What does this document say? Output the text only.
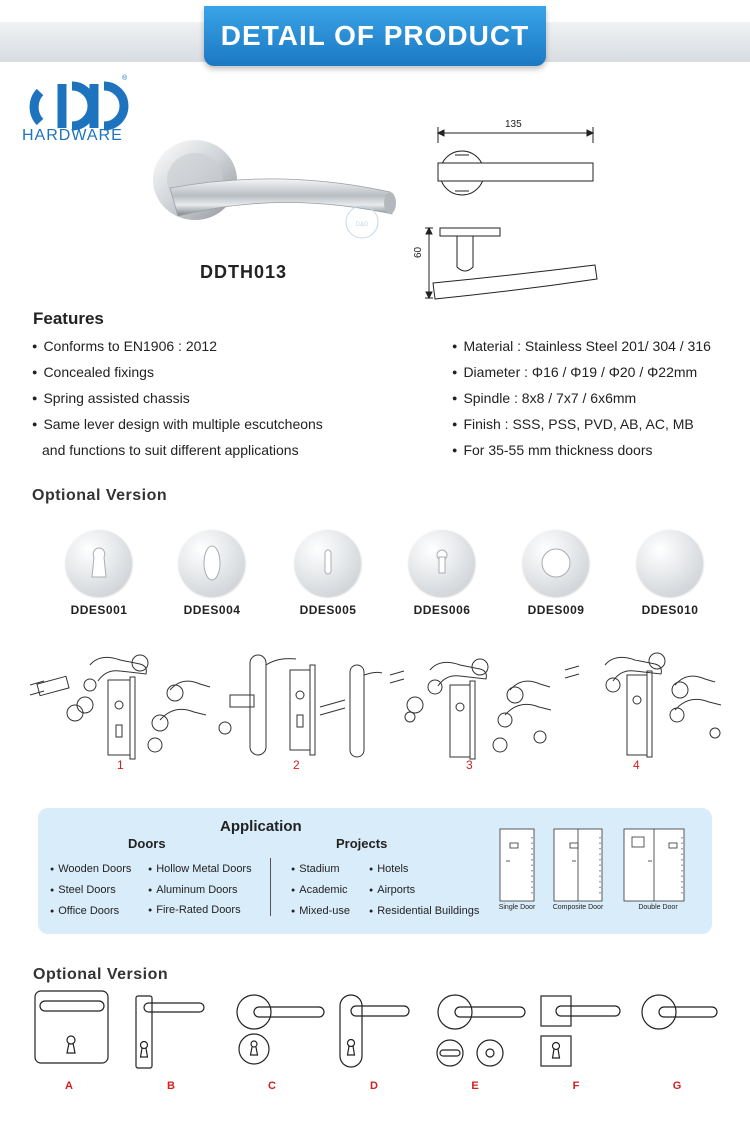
DETAIL OF PRODUCT
®
HARDWARE
D&D
DDTH013
135
60
Features
● Conforms to EN1906 : 2012
● Concealed fixings
● Spring assisted chassis
● Same lever design with multiple escutcheons
and functions to suit different applications
● Material : Stainless Steel 201/ 304 / 316
● Diameter : Φ16 / Φ19 / Φ20 / Φ22mm
● Spindle : 8x8 / 7x7 / 6x6mm
● Finish : SSS, PSS, PVD, AB, AC, MB
● For 35-55 mm thickness doors
Optional Version
DDES001	DDES004	DDES005	DDES006	DDES009	DDES010
1	2	3	4
Application
Doors	Projects
● Wooden Doors
● Steel Doors
● Office Doors
● Hollow Metal Doors
● Aluminum Doors
● Fire-Rated Doors
● Stadium
● Academic
● Mixed-use
● Hotels
● Airports
● Residential Buildings	Single Door	Composite Door	Double Door
Optional Version
A	B	C	D	E	F	G
